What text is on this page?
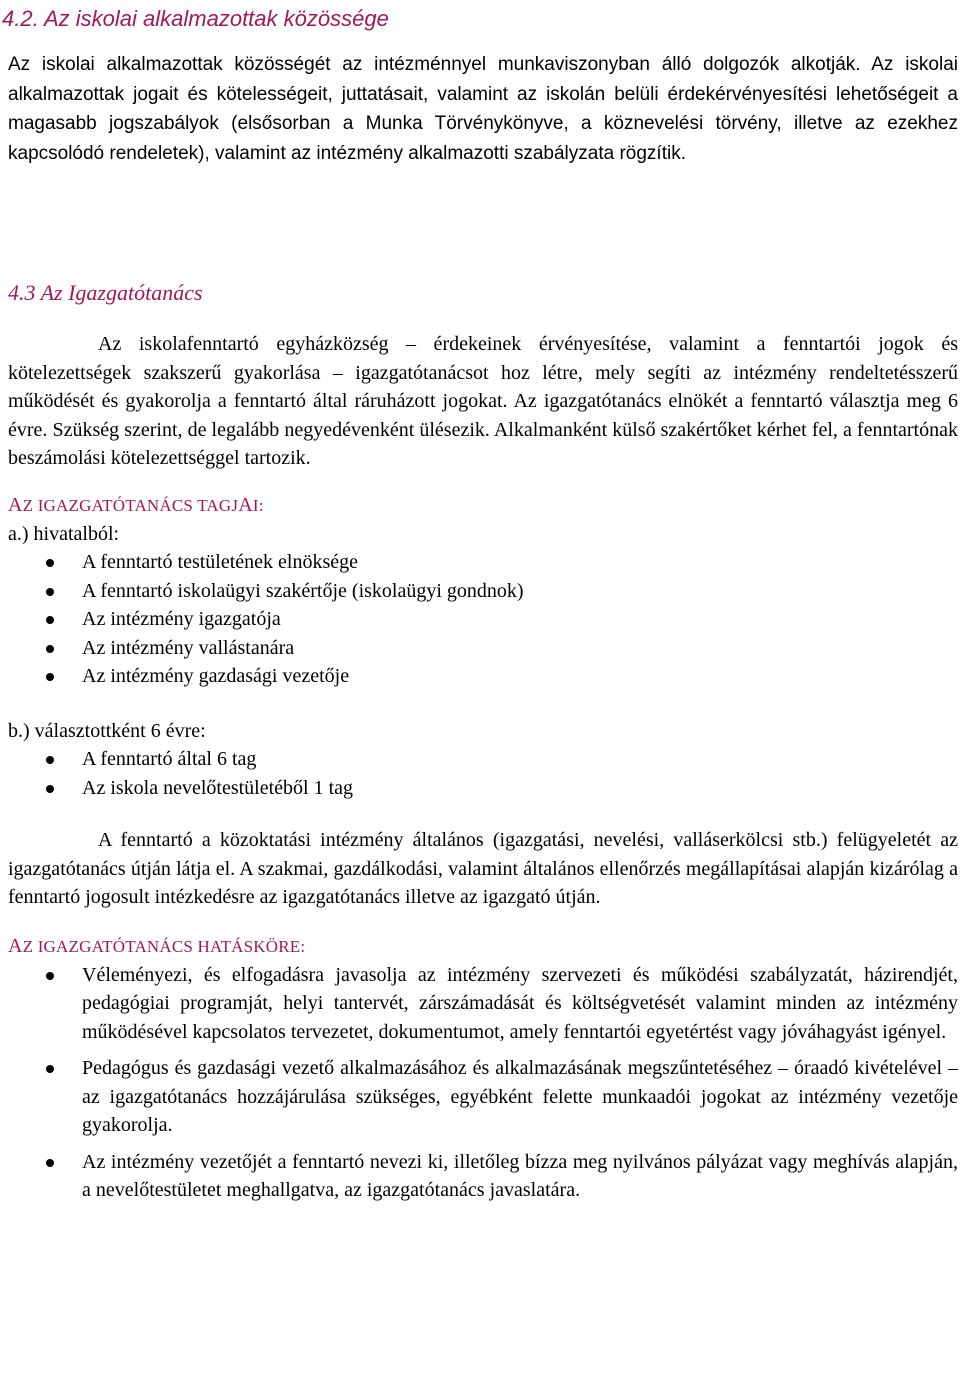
4.2. Az iskolai alkalmazottak közössége

Az iskolai alkalmazottak közösségét az intézménnyel munkaviszonyban álló dolgozók alkotják. Az iskolai alkalmazottak jogait és kötelességeit, juttatásait, valamint az iskolán belüli érdekérvényesítési lehetőségeit a magasabb jogszabályok (elsősorban a Munka Törvénykönyve, a köznevelési törvény, illetve az ezekhez kapcsolódó rendeletek), valamint az intézmény alkalmazotti szabályzata rögzítik.

4.3 Az Igazgatótanács

Az iskolafenntartó egyházközség – érdekeinek érvényesítése, valamint a fenntartói jogok és kötelezettségek szakszerű gyakorlása – igazgatótanácsot hoz létre, mely segíti az intézmény rendeltetésszerű működését és gyakorolja a fenntartó által ráruházott jogokat. Az igazgatótanács elnökét a fenntartó választja meg 6 évre. Szükség szerint, de legalább negyedévenként ülésezik. Alkalmanként külső szakértőket kérhet fel, a fenntartónak beszámolási kötelezettséggel tartozik.

AZ IGAZGATÓTANÁCS TAGJAI:
a.) hivatalból:
A fenntartó testületének elnöksége
A fenntartó iskolaügyi szakértője (iskolaügyi gondnok)
Az intézmény igazgatója
Az intézmény vallástanára
Az intézmény gazdasági vezetője
b.) választottként 6 évre:
A fenntartó által 6 tag
Az iskola nevelőtestületéből 1 tag

A fenntartó a közoktatási intézmény általános (igazgatási, nevelési, valláserkölcsi stb.) felügyeletét az igazgatótanács útján látja el. A szakmai, gazdálkodási, valamint általános ellenőrzés megállapításai alapján kizárólag a fenntartó jogosult intézkedésre az igazgatótanács illetve az igazgató útján.

AZ IGAZGATÓTANÁCS HATÁSKÖRE:
Véleményezi, és elfogadásra javasolja az intézmény szervezeti és működési szabályzatát, házirendjét, pedagógiai programját, helyi tantervét, zárszámadását és költségvetését valamint minden az intézmény működésével kapcsolatos tervezetet, dokumentumot, amely fenntartói egyetértést vagy jóváhagyást igényel.
Pedagógus és gazdasági vezető alkalmazásához és alkalmazásának megszűntetéséhez – óraadó kivételével – az igazgatótanács hozzájárulása szükséges, egyébként felette munkaadói jogokat az intézmény vezetője gyakorolja.
Az intézmény vezetőjét a fenntartó nevezi ki, illetőleg bízza meg nyilvános pályázat vagy meghívás alapján, a nevelőtestületet meghallgatva, az igazgatótanács javaslatára.
